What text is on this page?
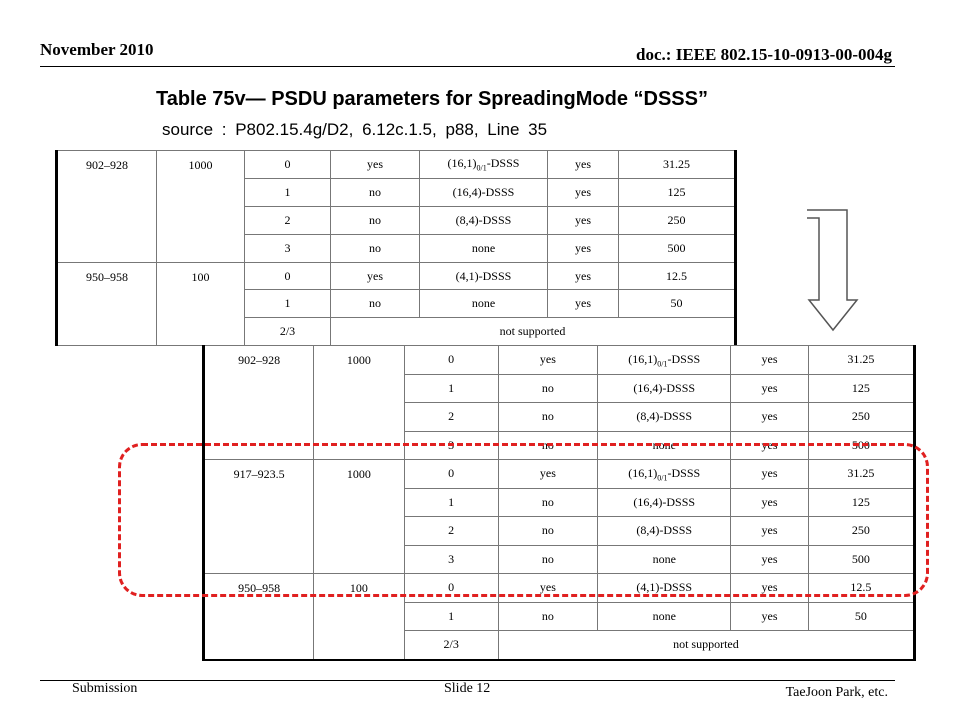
November 2010	doc.: IEEE 802.15-10-0913-00-004g
Table 75v— PSDU parameters for SpreadingMode “DSSS”
source : P802.15.4g/D2, 6.12c.1.5, p88, Line 35
902–928	1000	0	yes	$(16,1)_{0/1}$-DSSS	yes	31.25
		1	no	(16,4)-DSSS	yes	125
		2	no	(8,4)-DSSS	yes	250
		3	no	none	yes	500
950–958	100	0	yes	(4,1)-DSSS	yes	12.5
		1	no	none	yes	50
		2/3	not supported			
902–928	1000	0	yes	$(16,1)_{0/1}$-DSSS	yes	31.25
		1	no	(16,4)-DSSS	yes	125
		2	no	(8,4)-DSSS	yes	250
		3	no	none	yes	500
917–923.5	1000	0	yes	$(16,1)_{0/1}$-DSSS	yes	31.25
		1	no	(16,4)-DSSS	yes	125
		2	no	(8,4)-DSSS	yes	250
		3	no	none	yes	500
950–958	100	0	yes	(4,1)-DSSS	yes	12.5
		1	no	none	yes	50
		2/3	not supported			
Submission	Slide 12	TaeJoon Park, etc.
